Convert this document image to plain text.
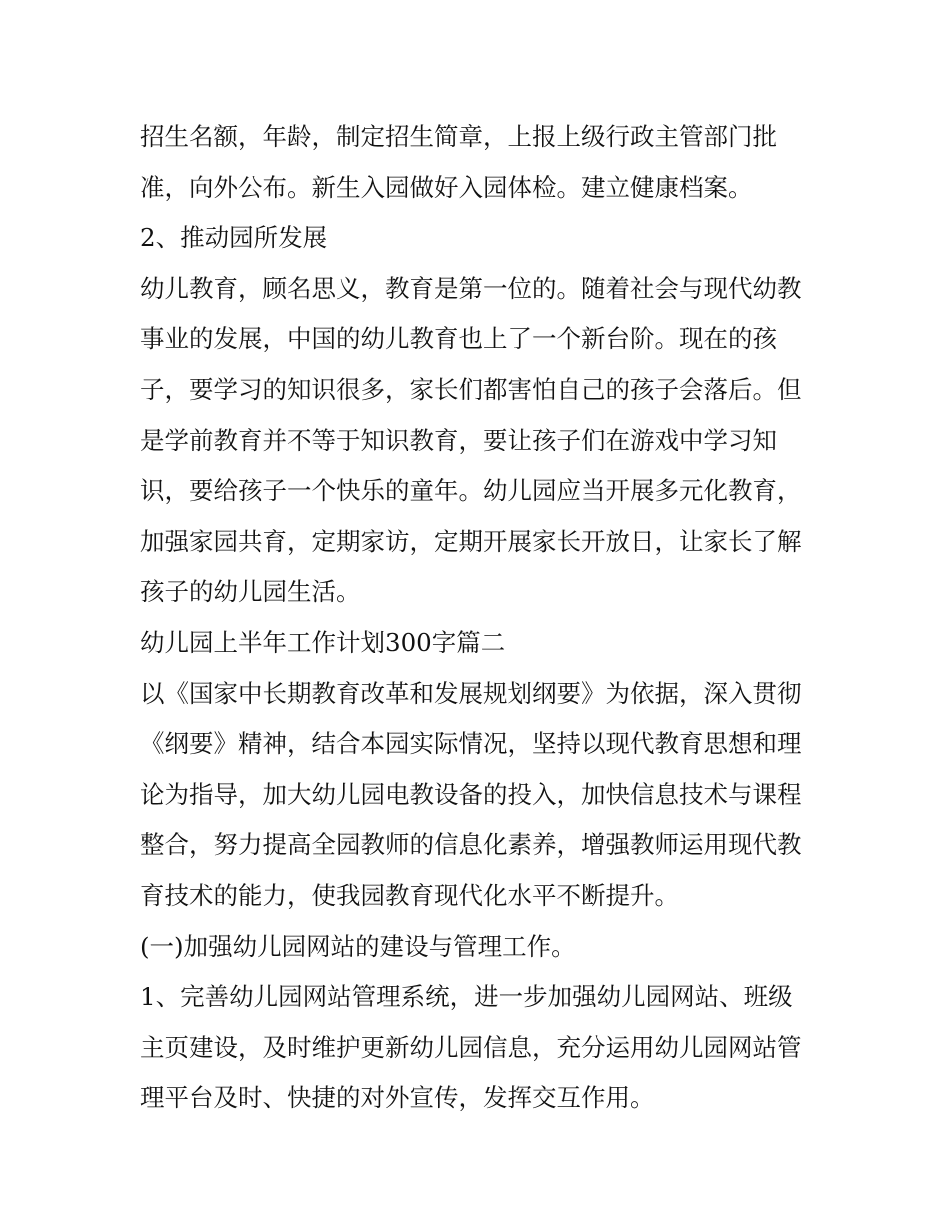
招生名额，年龄，制定招生简章，上报上级行政主管部门批
准，向外公布。新生入园做好入园体检。建立健康档案。
2、推动园所发展
幼儿教育，顾名思义，教育是第一位的。随着社会与现代幼教
事业的发展，中国的幼儿教育也上了一个新台阶。现在的孩
子，要学习的知识很多，家长们都害怕自己的孩子会落后。但
是学前教育并不等于知识教育，要让孩子们在游戏中学习知
识，要给孩子一个快乐的童年。幼儿园应当开展多元化教育，
加强家园共育，定期家访，定期开展家长开放日，让家长了解
孩子的幼儿园生活。
幼儿园上半年工作计划300字篇二
以《国家中长期教育改革和发展规划纲要》为依据，深入贯彻
《纲要》精神，结合本园实际情况，坚持以现代教育思想和理
论为指导，加大幼儿园电教设备的投入，加快信息技术与课程
整合，努力提高全园教师的信息化素养，增强教师运用现代教
育技术的能力，使我园教育现代化水平不断提升。
(一)加强幼儿园网站的建设与管理工作。
1、完善幼儿园网站管理系统，进一步加强幼儿园网站、班级
主页建设，及时维护更新幼儿园信息，充分运用幼儿园网站管
理平台及时、快捷的对外宣传，发挥交互作用。
